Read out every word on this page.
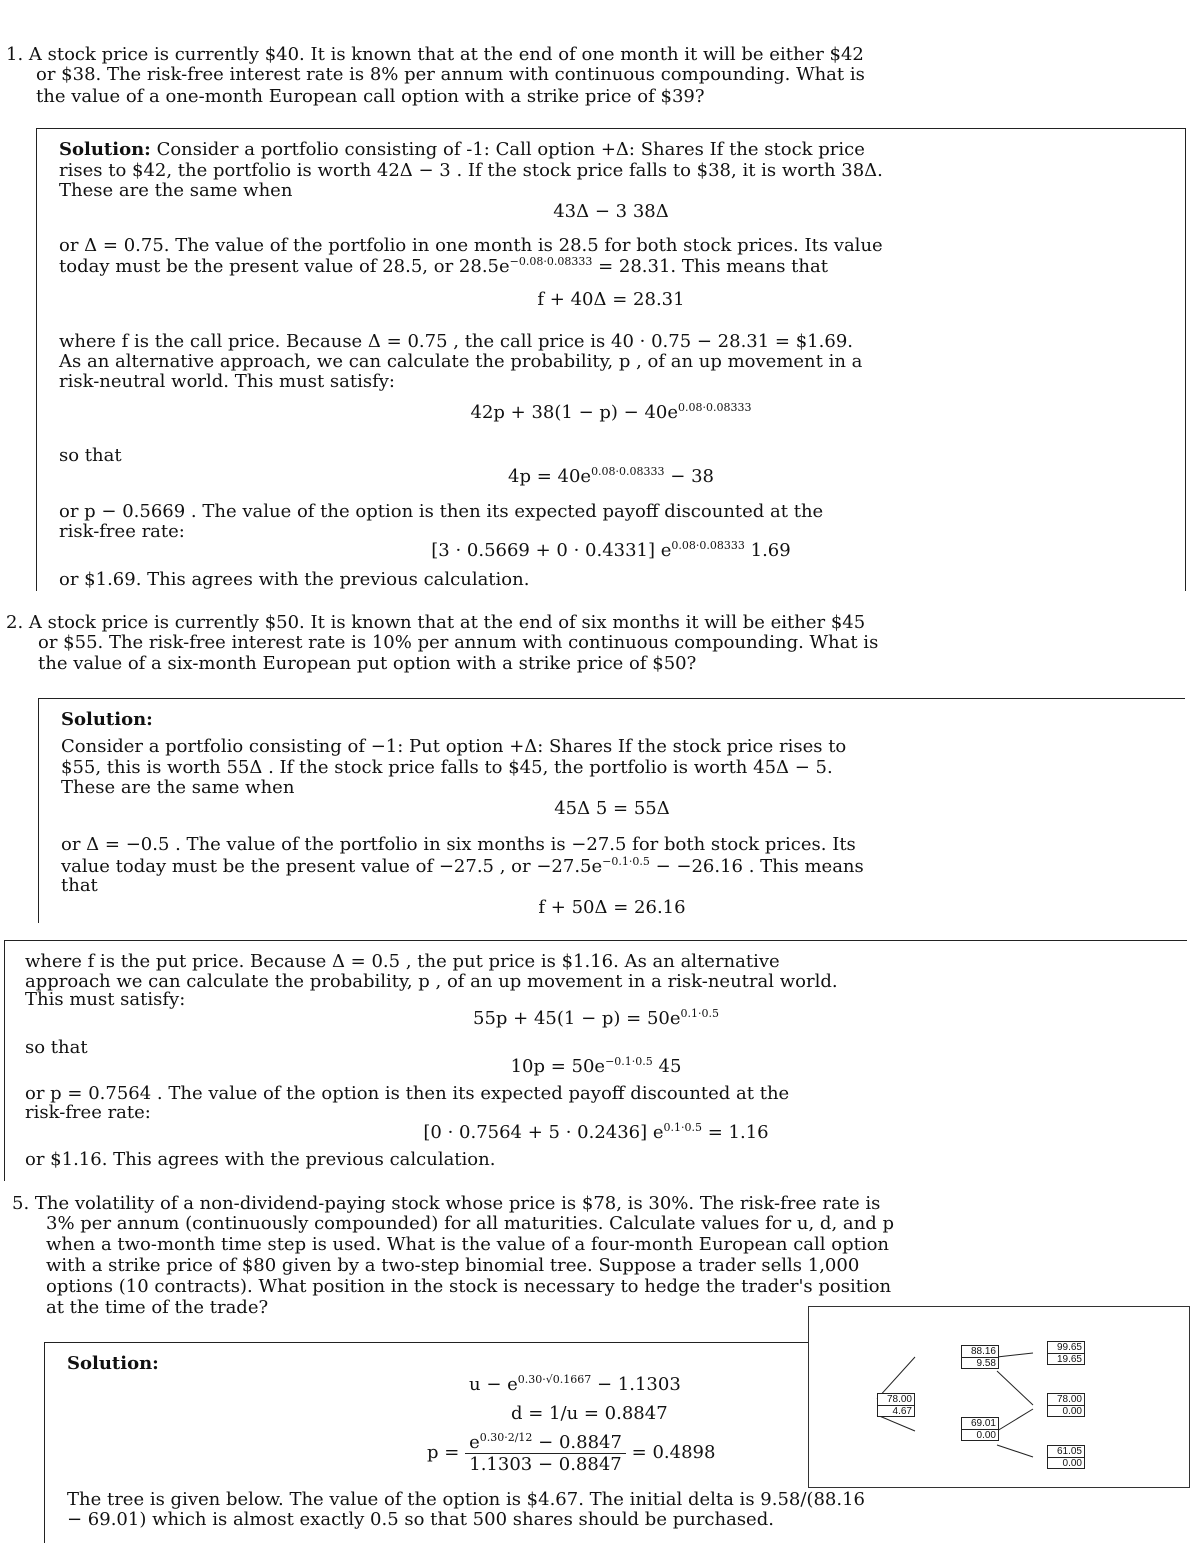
1. A stock price is currently $40. It is known that at the end of one month it will be either $42
or $38. The risk-free interest rate is 8% per annum with continuous compounding. What is
the value of a one-month European call option with a strike price of $39?
Solution: Consider a portfolio consisting of -1: Call option +Δ: Shares If the stock price
rises to $42, the portfolio is worth 42Δ − 3 . If the stock price falls to $38, it is worth 38Δ.
These are the same when
43Δ − 3 38Δ
or Δ = 0.75. The value of the portfolio in one month is 28.5 for both stock prices. Its value
today must be the present value of 28.5, or $28.5e^{-0.08\cdot 0.08333} = 28.31$. This means that
f + 40Δ = 28.31
where f is the call price. Because Δ = 0.75 , the call price is 40 · 0.75 − 28.31 = $1.69.
As an alternative approach, we can calculate the probability, p , of an up movement in a
risk-neutral world. This must satisfy:
$42p + 38(1 - p) - 40e^{0.08\cdot 0.08333}$
so that
$4p = 40e^{0.08\cdot 0.08333} - 38$
or p − 0.5669 . The value of the option is then its expected payoff discounted at the
risk-free rate:
[3 · 0.5669 + 0 · 0.4331] $e^{0.08\cdot 0.08333}$ 1.69
or $1.69. This agrees with the previous calculation.
2. A stock price is currently $50. It is known that at the end of six months it will be either $45
or $55. The risk-free interest rate is 10% per annum with continuous compounding. What is
the value of a six-month European put option with a strike price of $50?
Solution:
Consider a portfolio consisting of −1: Put option +Δ: Shares If the stock price rises to
$55, this is worth 55Δ . If the stock price falls to $45, the portfolio is worth 45Δ − 5.
These are the same when
45Δ 5 = 55Δ
or Δ = −0.5 . The value of the portfolio in six months is −27.5 for both stock prices. Its
value today must be the present value of −27.5 , or $-27.5e^{-0.1\cdot 0.5} - -26.16$ . This means
that
f + 50Δ = 26.16
where f is the put price. Because Δ = 0.5 , the put price is $1.16. As an alternative
approach we can calculate the probability, p , of an up movement in a risk-neutral world.
This must satisfy:
$55p + 45(1 - p) = 50e^{0.1\cdot 0.5}$
so that
$10p = 50e^{-0.1\cdot 0.5}$ 45
or p = 0.7564 . The value of the option is then its expected payoff discounted at the
risk-free rate:
[0 · 0.7564 + 5 · 0.2436] $e^{0.1\cdot 0.5} = 1.16$
or $1.16. This agrees with the previous calculation.
5. The volatility of a non-dividend-paying stock whose price is $78, is 30%. The risk-free rate is
3% per annum (continuously compounded) for all maturities. Calculate values for u, d, and p
when a two-month time step is used. What is the value of a four-month European call option
with a strike price of $80 given by a two-step binomial tree. Suppose a trader sells 1,000
options (10 contracts). What position in the stock is necessary to hedge the trader's position
at the time of the trade?
Solution:
$u - e^{0.30\cdot√0.1667} - 1.1303$
d = 1/u = 0.8847
$p = \frac{e^{0.30\cdot 2/12} - 0.8847}{1.1303 - 0.8847} = 0.4898$
The tree is given below. The value of the option is $4.67. The initial delta is 9.58/(88.16
− 69.01) which is almost exactly 0.5 so that 500 shares should be purchased.
78.00
4.67
88.16
9.58
69.01
0.00
99.65
19.65
78.00
0.00
61.05
0.00
